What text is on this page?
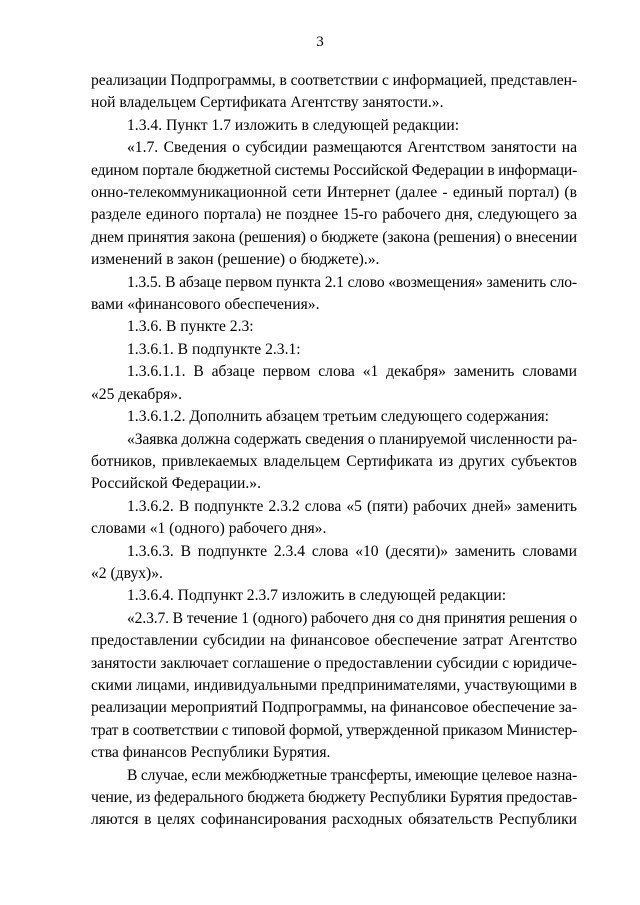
3
реализации Подпрограммы, в соответствии с информацией, представлен-
ной владельцем Сертификата Агентству занятости.».
1.3.4. Пункт 1.7 изложить в следующей редакции:
«1.7. Сведения о субсидии размещаются Агентством занятости на
едином портале бюджетной системы Российской Федерации в информаци-
онно-телекоммуникационной сети Интернет (далее - единый портал) (в
разделе единого портала) не позднее 15-го рабочего дня, следующего за
днем принятия закона (решения) о бюджете (закона (решения) о внесении
изменений в закон (решение) о бюджете).».
1.3.5. В абзаце первом пункта 2.1 слово «возмещения» заменить сло-
вами «финансового обеспечения».
1.3.6. В пункте 2.3:
1.3.6.1. В подпункте 2.3.1:
1.3.6.1.1. В абзаце первом слова «1 декабря» заменить словами
«25 декабря».
1.3.6.1.2. Дополнить абзацем третьим следующего содержания:
«Заявка должна содержать сведения о планируемой численности ра-
ботников, привлекаемых владельцем Сертификата из других субъектов
Российской Федерации.».
1.3.6.2. В подпункте 2.3.2 слова «5 (пяти) рабочих дней» заменить
словами «1 (одного) рабочего дня».
1.3.6.3. В подпункте 2.3.4 слова «10 (десяти)» заменить словами
«2 (двух)».
1.3.6.4. Подпункт 2.3.7 изложить в следующей редакции:
«2.3.7. В течение 1 (одного) рабочего дня со дня принятия решения о
предоставлении субсидии на финансовое обеспечение затрат Агентство
занятости заключает соглашение о предоставлении субсидии с юридиче-
скими лицами, индивидуальными предпринимателями, участвующими в
реализации мероприятий Подпрограммы, на финансовое обеспечение за-
трат в соответствии с типовой формой, утвержденной приказом Министер-
ства финансов Республики Бурятия.
В случае, если межбюджетные трансферты, имеющие целевое назна-
чение, из федерального бюджета бюджету Республики Бурятия предостав-
ляются в целях софинансирования расходных обязательств Республики
